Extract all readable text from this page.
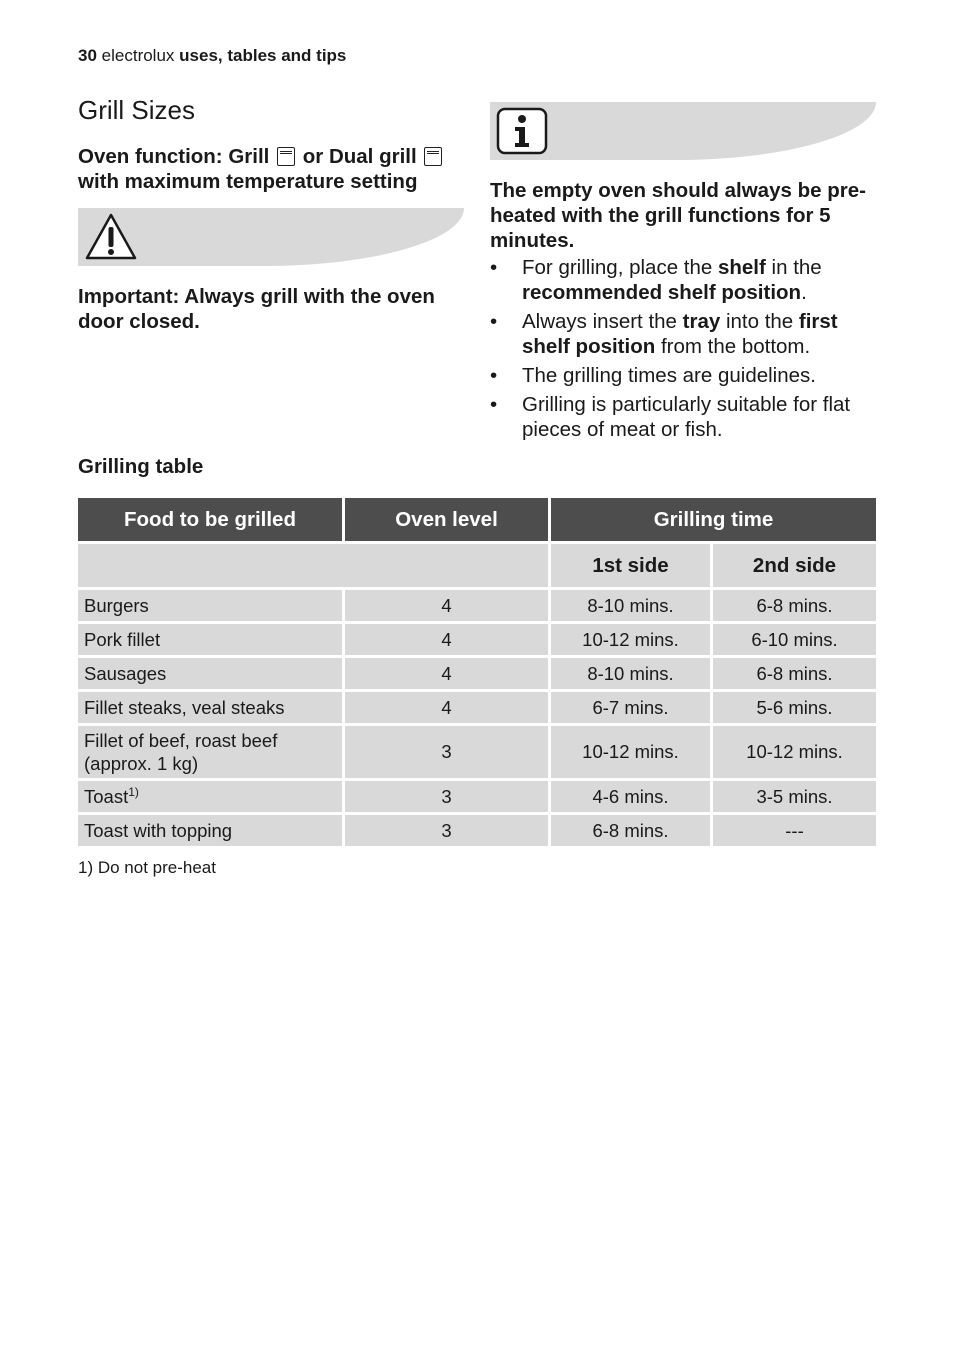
30 electrolux uses, tables and tips
Grill Sizes

Oven function: Grill or Dual grill  with maximum temperature setting

Important: Always grill with the oven door closed.

The empty oven should always be pre-heated with the grill functions for 5 minutes.

• For grilling, place the shelf in the recommended shelf position.
• Always insert the tray into the first shelf position from the bottom.
• The grilling times are guidelines.
• Grilling is particularly suitable for flat pieces of meat or fish.
Grilling table
Food to be grilled	Oven level	Grilling time	
		1st side	2nd side
Burgers	4	8-10 mins.	6-8 mins.
Pork fillet	4	10-12 mins.	6-10 mins.
Sausages	4	8-10 mins.	6-8 mins.
Fillet steaks, veal steaks	4	6-7 mins.	5-6 mins.
Fillet of beef, roast beef (approx. 1 kg)	3	10-12 mins.	10-12 mins.
Toast$^{1)}$	3	4-6 mins.	3-5 mins.
Toast with topping	3	6-8 mins.	---
1) Do not pre-heat
